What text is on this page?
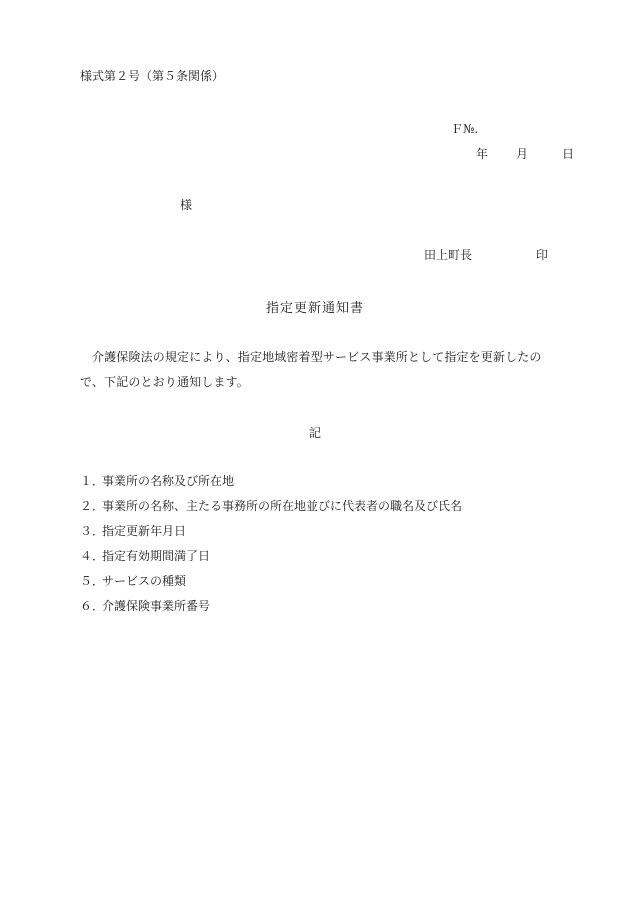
様式第２号（第５条関係）
Ｆ№.
年 月	日
様
田上町長	印
指定更新通知書
介護保険法の規定により、指定地域密着型サービス事業所として指定を更新したので、下記のとおり通知します。
記
１．事業所の名称及び所在地
２．事業所の名称、主たる事務所の所在地並びに代表者の職名及び氏名
３．指定更新年月日
４．指定有効期間満了日
５．サービスの種類
６．介護保険事業所番号
